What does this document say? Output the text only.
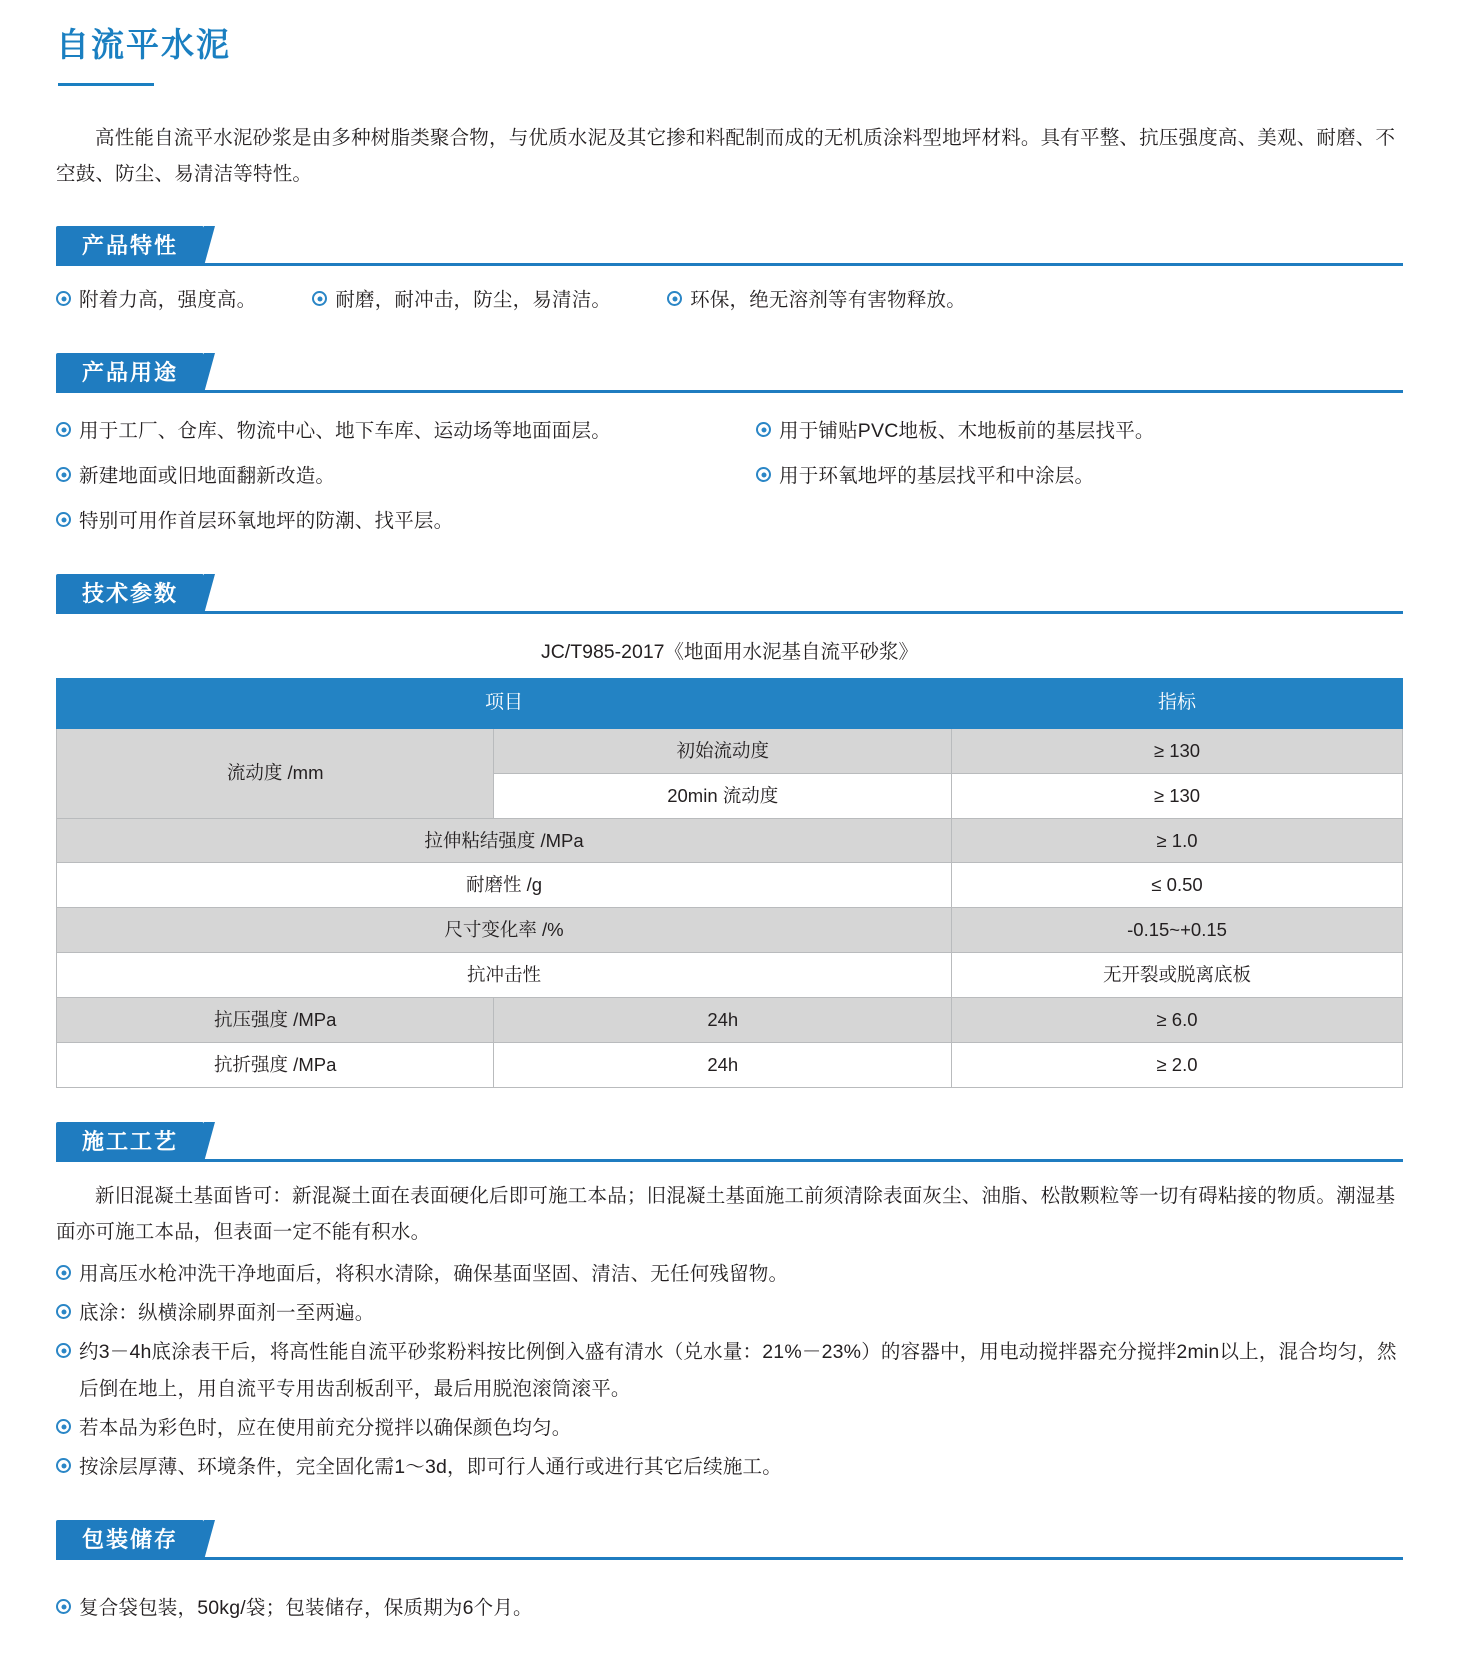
自流平水泥

高性能自流平水泥砂浆是由多种树脂类聚合物，与优质水泥及其它掺和料配制而成的无机质涂料型地坪材料。具有平整、抗压强度高、美观、耐磨、不空鼓、防尘、易清洁等特性。

产品特性
附着力高，强度高。	耐磨，耐冲击，防尘，易清洁。	环保，绝无溶剂等有害物释放。
产品用途
用于工厂、仓库、物流中心、地下车库、运动场等地面面层。	用于铺贴PVC地板、木地板前的基层找平。
新建地面或旧地面翻新改造。	用于环氧地坪的基层找平和中涂层。
特别可用作首层环氧地坪的防潮、找平层。
技术参数
JC/T985-2017《地面用水泥基自流平砂浆》
项目		指标
流动度 /mm	初始流动度	≥ 130
	20min 流动度	≥ 130
拉伸粘结强度 /MPa		≥ 1.0
耐磨性 /g		≤ 0.50
尺寸变化率 /%		-0.15~+0.15
抗冲击性		无开裂或脱离底板
抗压强度 /MPa	24h	≥ 6.0
抗折强度 /MPa	24h	≥ 2.0
施工工艺

新旧混凝土基面皆可：新混凝土面在表面硬化后即可施工本品；旧混凝土基面施工前须清除表面灰尘、油脂、松散颗粒等一切有碍粘接的物质。潮湿基面亦可施工本品，但表面一定不能有积水。

用高压水枪冲洗干净地面后，将积水清除，确保基面坚固、清洁、无任何残留物。
底涂：纵横涂刷界面剂一至两遍。
约3－4h底涂表干后，将高性能自流平砂浆粉料按比例倒入盛有清水（兑水量：21%－23%）的容器中，用电动搅拌器充分搅拌2min以上，混合均匀，然后倒在地上，用自流平专用齿刮板刮平，最后用脱泡滚筒滚平。
若本品为彩色时，应在使用前充分搅拌以确保颜色均匀。
按涂层厚薄、环境条件，完全固化需1～3d，即可行人通行或进行其它后续施工。
包装储存
复合袋包装，50kg/袋；包装储存，保质期为6个月。
